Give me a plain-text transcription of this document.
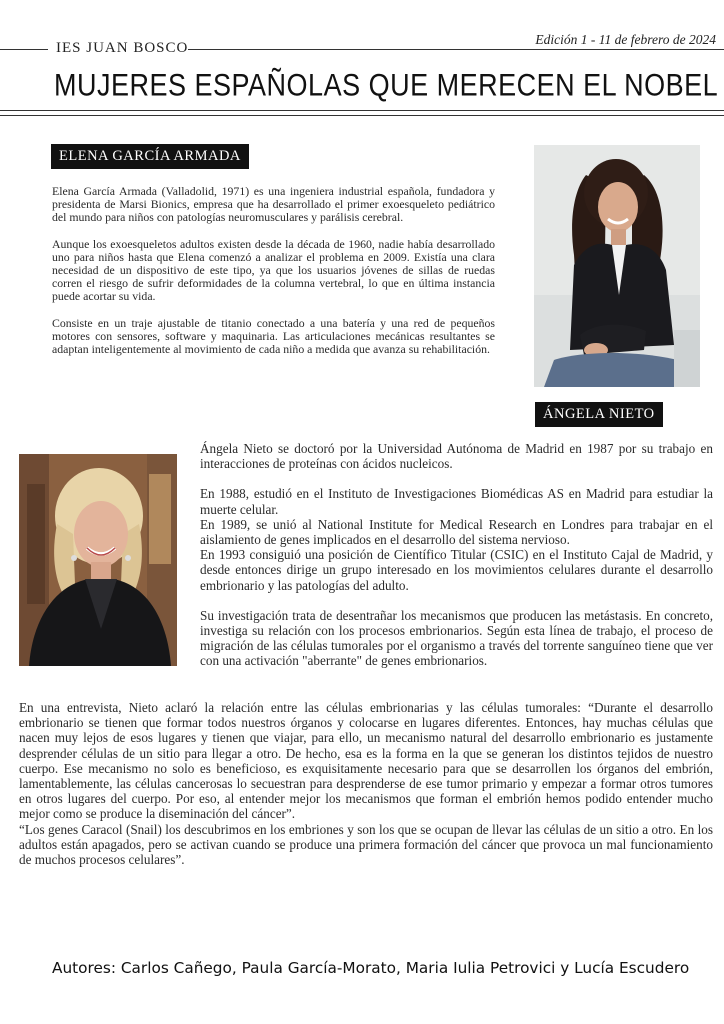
Edición 1 - 11 de febrero de 2024
IES JUAN BOSCO
MUJERES ESPAÑOLAS QUE MERECEN EL NOBEL
ELENA GARCÍA ARMADA

Elena García Armada (Valladolid, 1971) es una ingeniera industrial española, fundadora y presidenta de Marsi Bionics, empresa que ha desarrollado el primer exoesqueleto pediátrico del mundo para niños con patologías neuromusculares y parálisis cerebral.

Aunque los exoesqueletos adultos existen desde la década de 1960, nadie había desarrollado uno para niños hasta que Elena comenzó a analizar el problema en 2009. Existía una clara necesidad de un dispositivo de este tipo, ya que los usuarios jóvenes de sillas de ruedas corren el riesgo de sufrir deformidades de la columna vertebral, lo que en última instancia puede acortar su vida.

Consiste en un traje ajustable de titanio conectado a una batería y una red de pequeños motores con sensores, software y maquinaria. Las articulaciones mecánicas resultantes se adaptan inteligentemente al movimiento de cada niño a medida que avanza su rehabilitación.

ÁNGELA NIETO

Ángela Nieto se doctoró por la Universidad Autónoma de Madrid en 1987 por su trabajo en interacciones de proteínas con ácidos nucleicos.

En 1988, estudió en el Instituto de Investigaciones Biomédicas AS en Madrid para estudiar la muerte celular.

En 1989, se unió al National Institute for Medical Research en Londres para trabajar en el aislamiento de genes implicados en el desarrollo del sistema nervioso.

En 1993 consiguió una posición de Científico Titular (CSIC) en el Instituto Cajal de Madrid, y desde entonces dirige un grupo interesado en los movimientos celulares durante el desarrollo embrionario y las patologías del adulto.

Su investigación trata de desentrañar los mecanismos que producen las metástasis. En concreto, investiga su relación con los procesos embrionarios. Según esta línea de trabajo, el proceso de migración de las células tumorales por el organismo a través del torrente sanguíneo tiene que ver con una activación "aberrante" de genes embrionarios.

En una entrevista, Nieto aclaró la relación entre las células embrionarias y las células tumorales: “Durante el desarrollo embrionario se tienen que formar todos nuestros órganos y colocarse en lugares diferentes. Entonces, hay muchas células que nacen muy lejos de esos lugares y tienen que viajar, para ello, un mecanismo natural del desarrollo embrionario es justamente desprender células de un sitio para llegar a otro. De hecho, esa es la forma en la que se generan los distintos tejidos de nuestro cuerpo. Ese mecanismo no solo es beneficioso, es exquisitamente necesario para que se desarrollen los órganos del embrión, lamentablemente, las células cancerosas lo secuestran para desprenderse de ese tumor primario y empezar a formar otros tumores en otros lugares del cuerpo. Por eso, al entender mejor los mecanismos que forman el embrión hemos podido entender mucho mejor como se produce la diseminación del cáncer”.

“Los genes Caracol (Snail) los descubrimos en los embriones y son los que se ocupan de llevar las células de un sitio a otro. En los adultos están apagados, pero se activan cuando se produce una primera formación del cáncer que provoca un mal funcionamiento de muchos procesos celulares”.

Autores: Carlos Cañego, Paula García-Morato, Maria Iulia Petrovici y Lucía Escudero
